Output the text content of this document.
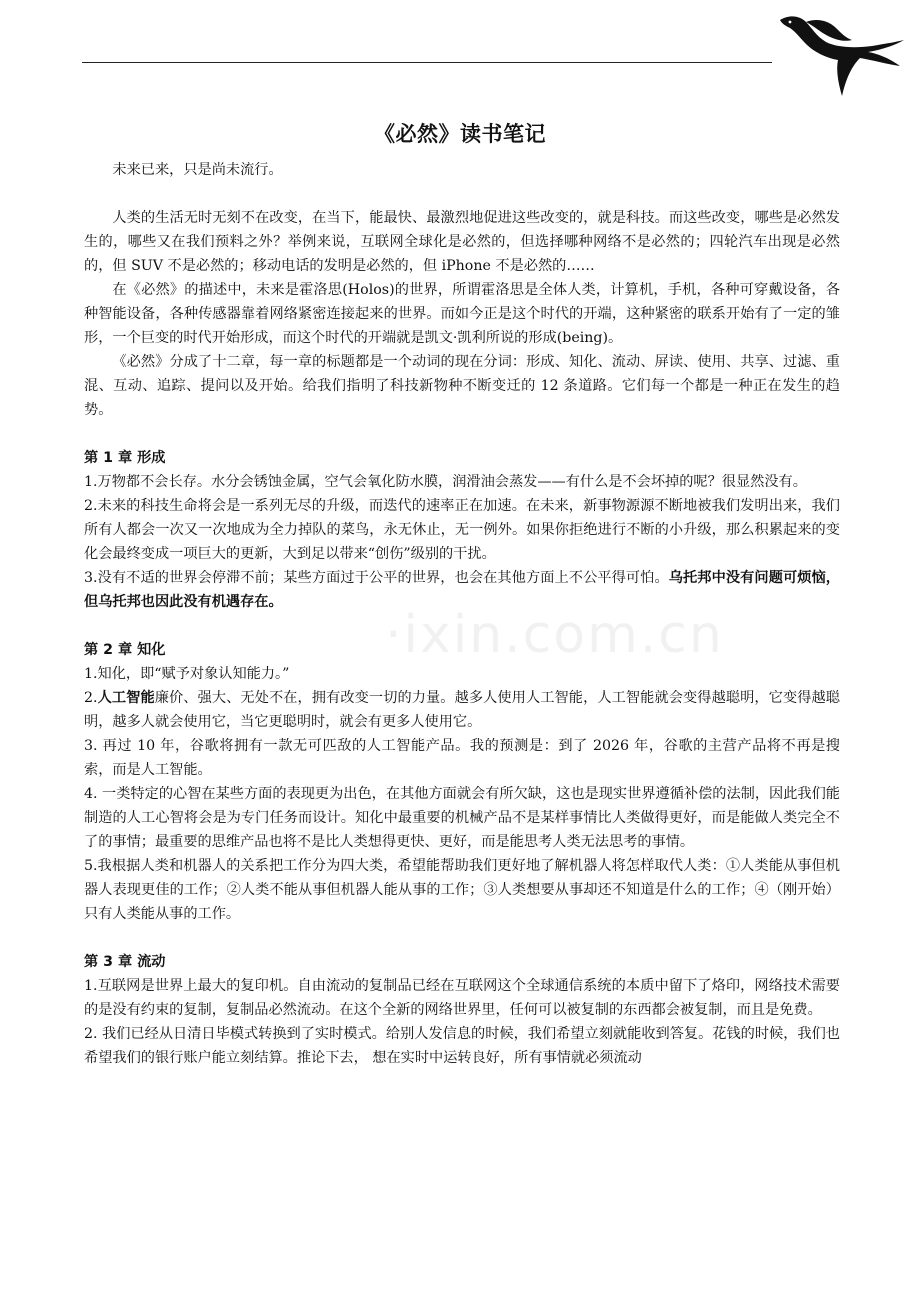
《必然》读书笔记
·ixin.com.cn

未来已来，只是尚未流行。

人类的生活无时无刻不在改变，在当下，能最快、最激烈地促进这些改变的，就是科技。而这些改变，哪些是必然发生的，哪些又在我们预料之外？举例来说，互联网全球化是必然的，但选择哪种网络不是必然的；四轮汽车出现是必然的，但 SUV 不是必然的；移动电话的发明是必然的，但 iPhone 不是必然的……

在《必然》的描述中，未来是霍洛思(Holos)的世界，所谓霍洛思是全体人类，计算机，手机，各种可穿戴设备，各种智能设备，各种传感器靠着网络紧密连接起来的世界。而如今正是这个时代的开端，这种紧密的联系开始有了一定的雏形，一个巨变的时代开始形成，而这个时代的开端就是凯文·凯利所说的形成(being)。

《必然》分成了十二章，每一章的标题都是一个动词的现在分词：形成、知化、流动、屏读、使用、共享、过滤、重混、互动、追踪、提问以及开始。给我们指明了科技新物种不断变迁的 12 条道路。它们每一个都是一种正在发生的趋势。

第 1 章 形成

1.万物都不会长存。水分会锈蚀金属，空气会氧化防水膜，润滑油会蒸发——有什么是不会坏掉的呢？很显然没有。

2.未来的科技生命将会是一系列无尽的升级，而迭代的速率正在加速。在未来，新事物源源不断地被我们发明出来，我们所有人都会一次又一次地成为全力掉队的菜鸟，永无休止，无一例外。如果你拒绝进行不断的小升级，那么积累起来的变化会最终变成一项巨大的更新，大到足以带来“创伤”级别的干扰。

3.没有不适的世界会停滞不前；某些方面过于公平的世界，也会在其他方面上不公平得可怕。乌托邦中没有问题可烦恼，但乌托邦也因此没有机遇存在。

第 2 章 知化

1.知化，即“赋予对象认知能力。”

2.人工智能廉价、强大、无处不在，拥有改变一切的力量。越多人使用人工智能，人工智能就会变得越聪明，它变得越聪明，越多人就会使用它，当它更聪明时，就会有更多人使用它。

3. 再过 10 年，谷歌将拥有一款无可匹敌的人工智能产品。我的预测是：到了 2026 年，谷歌的主营产品将不再是搜索，而是人工智能。

4. 一类特定的心智在某些方面的表现更为出色，在其他方面就会有所欠缺，这也是现实世界遵循补偿的法制，因此我们能制造的人工心智将会是为专门任务而设计。知化中最重要的机械产品不是某样事情比人类做得更好，而是能做人类完全不了的事情；最重要的思维产品也将不是比人类想得更快、更好，而是能思考人类无法思考的事情。

5.我根据人类和机器人的关系把工作分为四大类，希望能帮助我们更好地了解机器人将怎样取代人类：①人类能从事但机器人表现更佳的工作；②人类不能从事但机器人能从事的工作；③人类想要从事却还不知道是什么的工作；④（刚开始）只有人类能从事的工作。

第 3 章 流动

1.互联网是世界上最大的复印机。自由流动的复制品已经在互联网这个全球通信系统的本质中留下了烙印，网络技术需要的是没有约束的复制，复制品必然流动。在这个全新的网络世界里，任何可以被复制的东西都会被复制，而且是免费。

2. 我们已经从日清日毕模式转换到了实时模式。给别人发信息的时候，我们希望立刻就能收到答复。花钱的时候，我们也希望我们的银行账户能立刻结算。推论下去， 想在实时中运转良好，所有事情就必须流动
